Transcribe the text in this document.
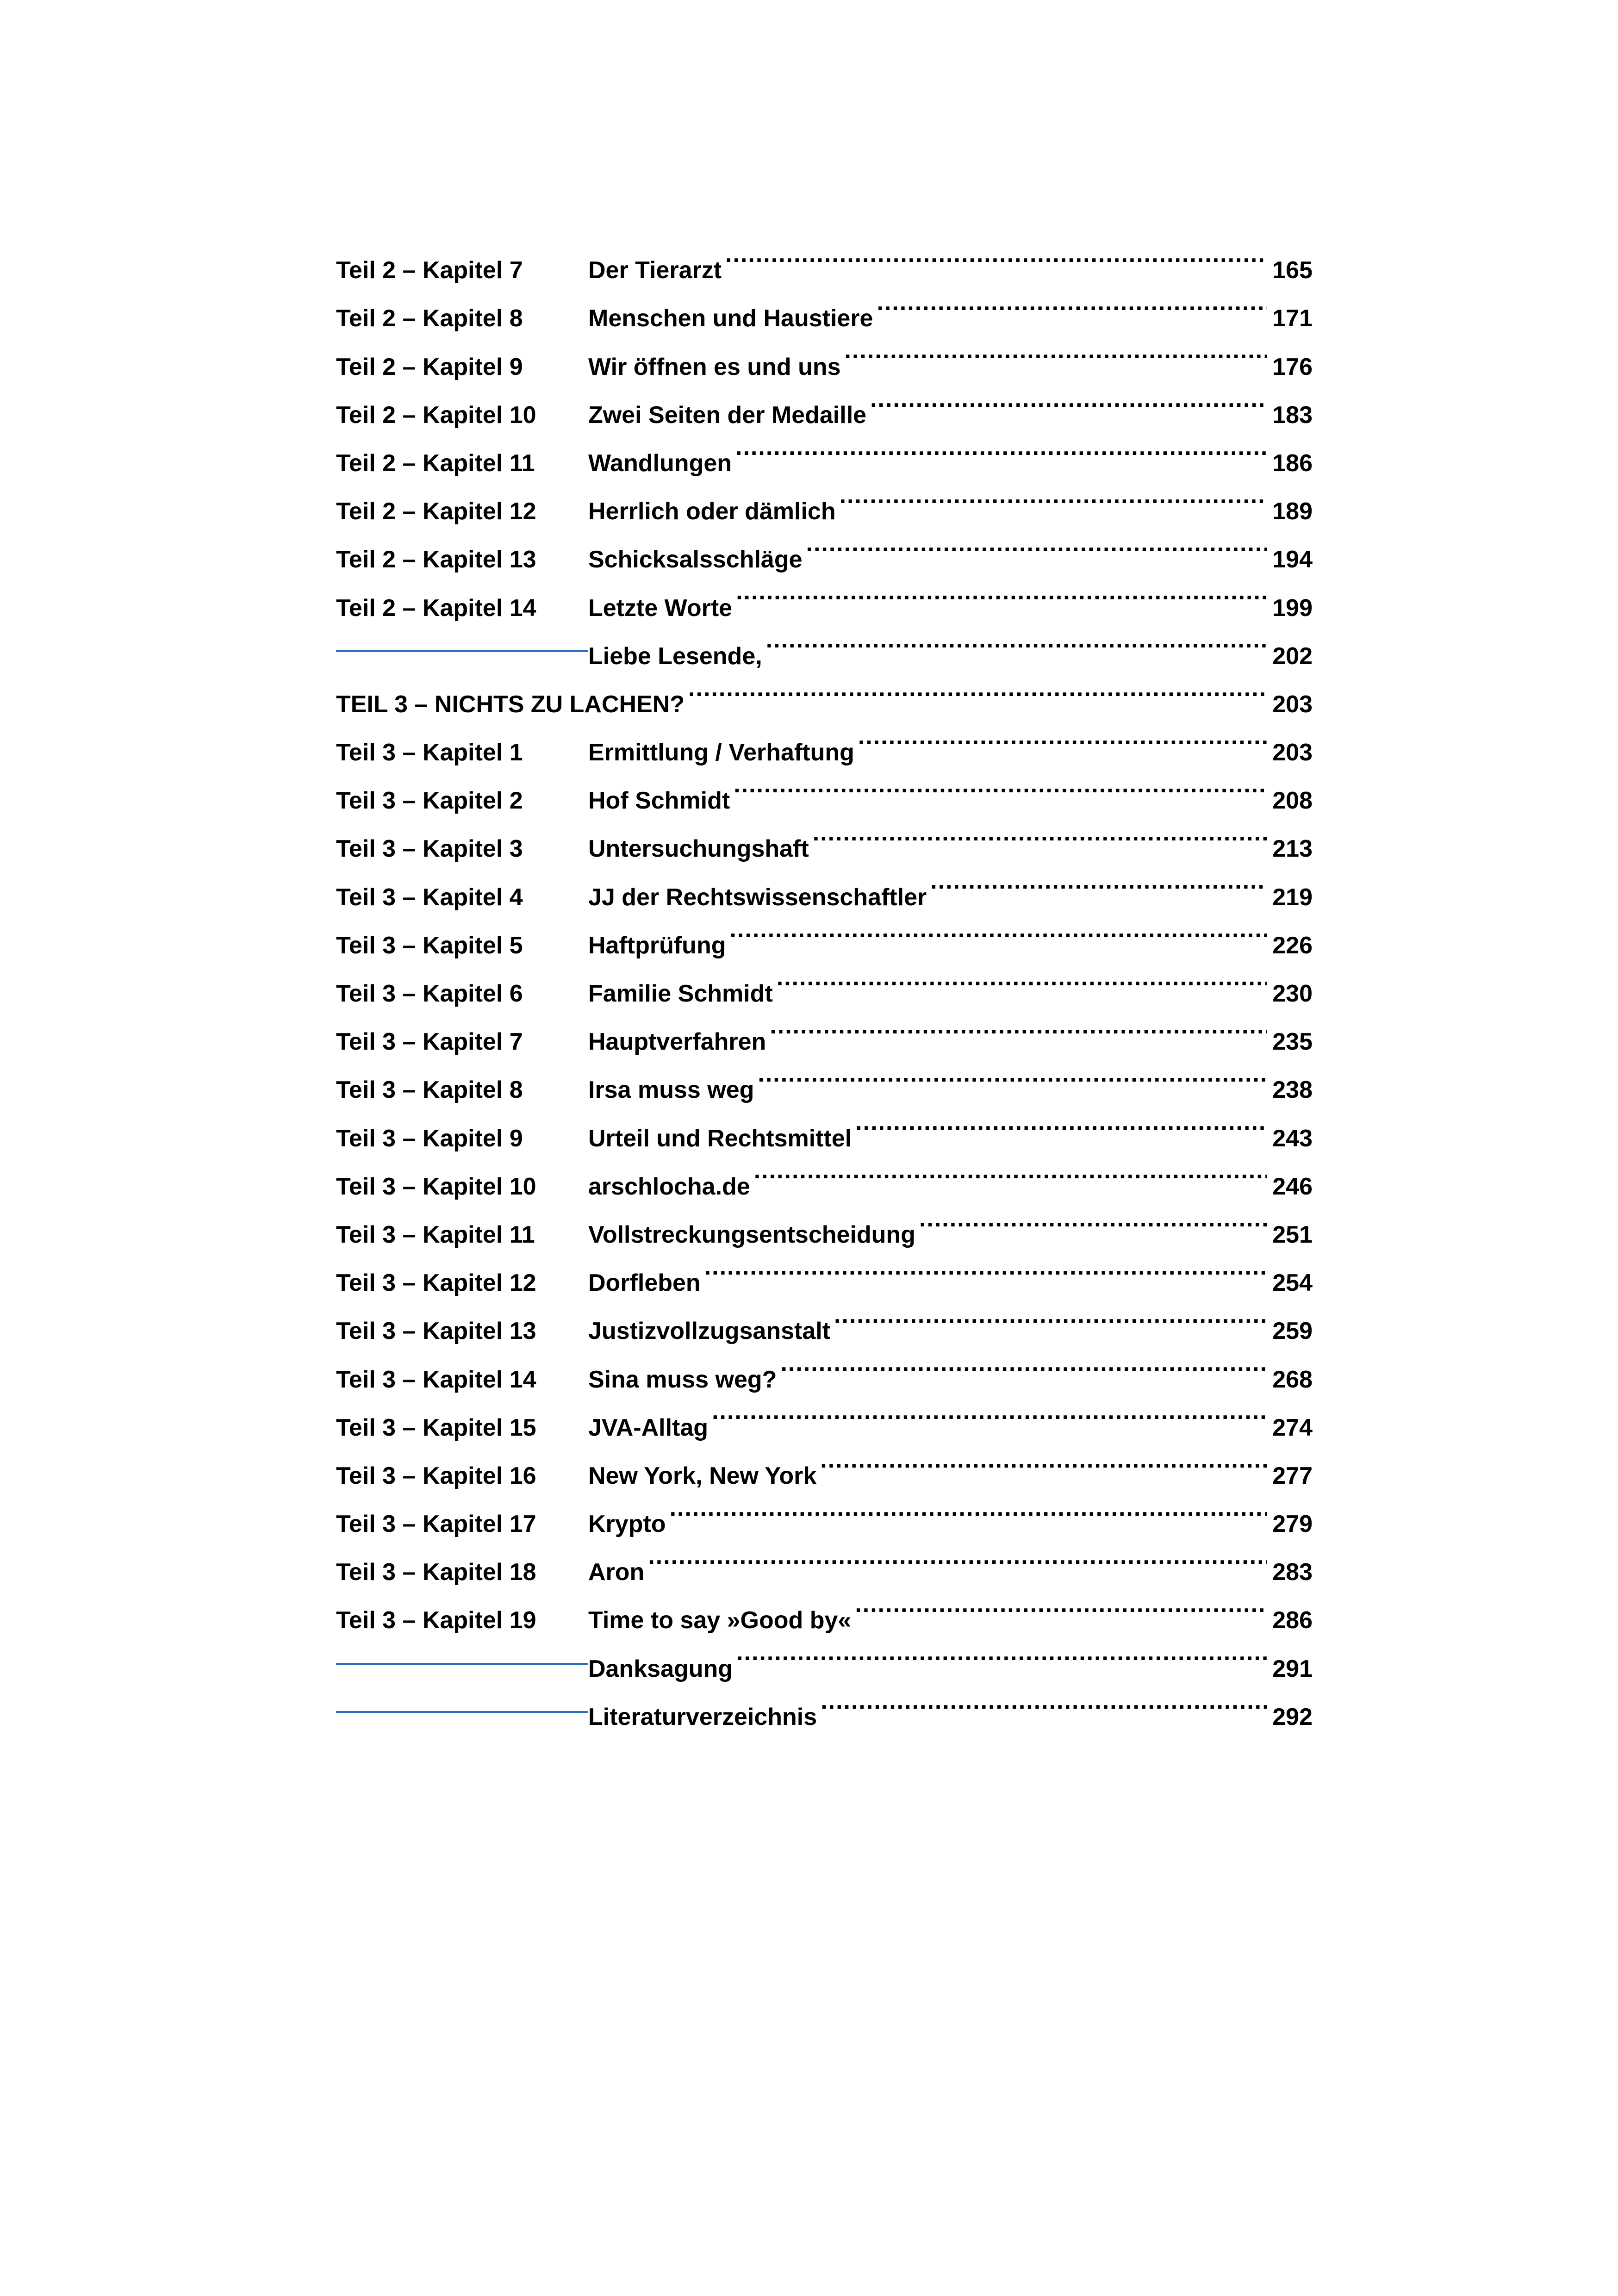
Teil 2 – Kapitel 7	Der Tierarzt .....	165
Teil 2 – Kapitel 8	Menschen und Haustiere .....	171
Teil 2 – Kapitel 9	Wir öffnen es und uns .....	176
Teil 2 – Kapitel 10	Zwei Seiten der Medaille .....	183
Teil 2 – Kapitel 11	Wandlungen .....	186
Teil 2 – Kapitel 12	Herrlich oder dämlich .....	189
Teil 2 – Kapitel 13	Schicksalsschläge .....	194
Teil 2 – Kapitel 14	Letzte Worte .....	199
Liebe Lesende, .....	202
TEIL 3 – NICHTS ZU LACHEN? .....	203
Teil 3 – Kapitel 1	Ermittlung / Verhaftung .....	203
Teil 3 – Kapitel 2	Hof Schmidt .....	208
Teil 3 – Kapitel 3	Untersuchungshaft .....	213
Teil 3 – Kapitel 4	JJ der Rechtswissenschaftler .....	219
Teil 3 – Kapitel 5	Haftprüfung .....	226
Teil 3 – Kapitel 6	Familie Schmidt .....	230
Teil 3 – Kapitel 7	Hauptverfahren .....	235
Teil 3 – Kapitel 8	Irsa muss weg .....	238
Teil 3 – Kapitel 9	Urteil und Rechtsmittel .....	243
Teil 3 – Kapitel 10	arschlocha.de .....	246
Teil 3 – Kapitel 11	Vollstreckungsentscheidung .....	251
Teil 3 – Kapitel 12	Dorfleben .....	254
Teil 3 – Kapitel 13	Justizvollzugsanstalt .....	259
Teil 3 – Kapitel 14	Sina muss weg? .....	268
Teil 3 – Kapitel 15	JVA-Alltag .....	274
Teil 3 – Kapitel 16	New York, New York .....	277
Teil 3 – Kapitel 17	Krypto .....	279
Teil 3 – Kapitel 18	Aron .....	283
Teil 3 – Kapitel 19	Time to say »Good by« .....	286
Danksagung .....	291
Literaturverzeichnis .....	292
